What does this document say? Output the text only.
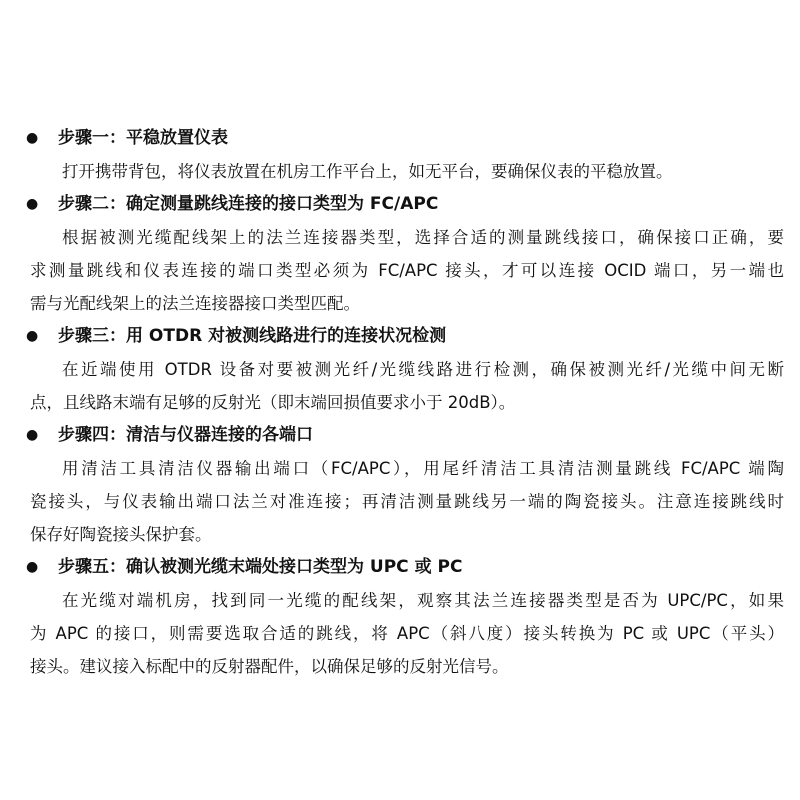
● 步骤一：平稳放置仪表
打开携带背包，将仪表放置在机房工作平台上，如无平台，要确保仪表的平稳放置。
● 步骤二：确定测量跳线连接的接口类型为 FC/APC
根据被测光缆配线架上的法兰连接器类型，选择合适的测量跳线接口，确保接口正确，要
求测量跳线和仪表连接的端口类型必须为 FC/APC 接头，才可以连接 OCID 端口，另一端也
需与光配线架上的法兰连接器接口类型匹配。
● 步骤三：用 OTDR 对被测线路进行的连接状况检测
在近端使用 OTDR 设备对要被测光纤/光缆线路进行检测，确保被测光纤/光缆中间无断
点，且线路末端有足够的反射光（即末端回损值要求小于 20dB）。
● 步骤四：清洁与仪器连接的各端口
用清洁工具清洁仪器输出端口（FC/APC），用尾纤清洁工具清洁测量跳线 FC/APC 端陶
瓷接头，与仪表输出端口法兰对准连接；再清洁测量跳线另一端的陶瓷接头。注意连接跳线时
保存好陶瓷接头保护套。
● 步骤五：确认被测光缆末端处接口类型为 UPC 或 PC
在光缆对端机房，找到同一光缆的配线架，观察其法兰连接器类型是否为 UPC/PC，如果
为 APC 的接口，则需要选取合适的跳线，将 APC（斜八度）接头转换为 PC 或 UPC（平头）
接头。建议接入标配中的反射器配件，以确保足够的反射光信号。
